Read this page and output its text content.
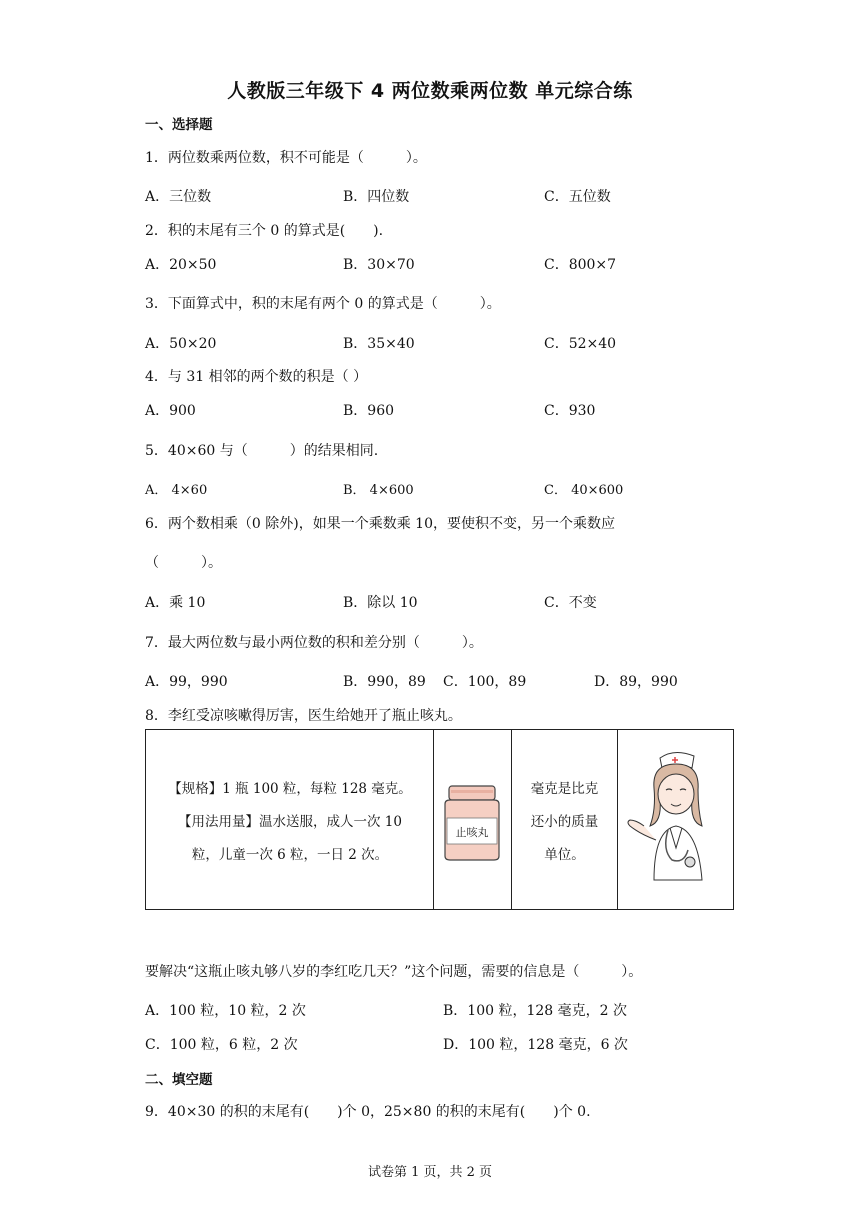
人教版三年级下 4 两位数乘两位数 单元综合练
一、选择题
1．两位数乘两位数，积不可能是（　　　）。
A．三位数	B．四位数	C．五位数
2．积的末尾有三个 0 的算式是(　　).
A．20×50	B．30×70	C．800×7
3．下面算式中，积的末尾有两个 0 的算式是（　　　）。
A．50×20	B．35×40	C．52×40
4．与 31 相邻的两个数的积是（ ）
A．900	B．960	C．930
5．40×60 与（　　　）的结果相同.
A． 4×60	B． 4×600	C． 40×600
6．两个数相乘（0 除外)，如果一个乘数乘 10，要使积不变，另一个乘数应
（　　　）。
A．乘 10	B．除以 10	C．不变
7．最大两位数与最小两位数的积和差分别（　　　）。
A．99，990	B．990，89 C．100，89	D．89，990
8．李红受凉咳嗽得厉害，医生给她开了瓶止咳丸。
【规格】1 瓶 100 粒，每粒 128 毫克。
【用法用量】温水送服，成人一次 10
粒，儿童一次 6 粒，一日 2 次。
止咳丸
毫克是比克
还小的质量
单位。
要解决“这瓶止咳丸够八岁的李红吃几天？”这个问题，需要的信息是（　　　）。
A．100 粒，10 粒，2 次	B．100 粒，128 毫克，2 次
C．100 粒，6 粒，2 次	D．100 粒，128 毫克，6 次
二、填空题
9．40×30 的积的末尾有(　　)个 0，25×80 的积的末尾有(　　)个 0.
试卷第 1 页，共 2 页
